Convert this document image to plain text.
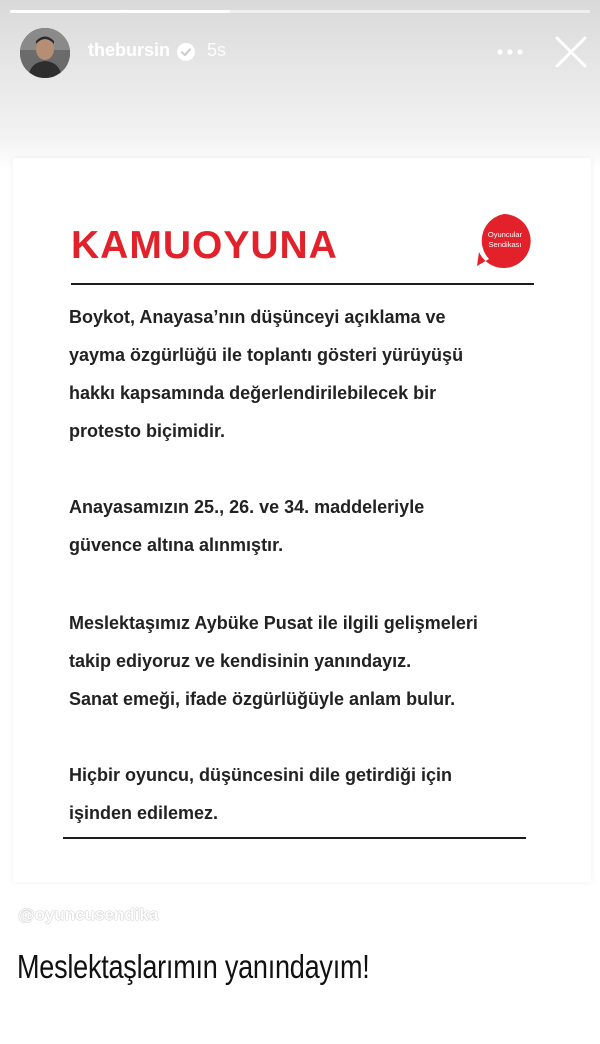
thebursin 5s
KAMUOYUNA	Oyuncular
Sendikası

Boykot, Anayasa’nın düşünceyi açıklama ve
yayma özgürlüğü ile toplantı gösteri yürüyüşü
hakkı kapsamında değerlendirilebilecek bir
protesto biçimidir.

Anayasamızın 25., 26. ve 34. maddeleriyle
güvence altına alınmıştır.

Meslektaşımız Aybüke Pusat ile ilgili gelişmeleri
takip ediyoruz ve kendisinin yanındayız.
Sanat emeği, ifade özgürlüğüyle anlam bulur.

Hiçbir oyuncu, düşüncesini dile getirdiği için
işinden edilemez.

@oyuncusendika
Meslektaşlarımın yanındayım!
